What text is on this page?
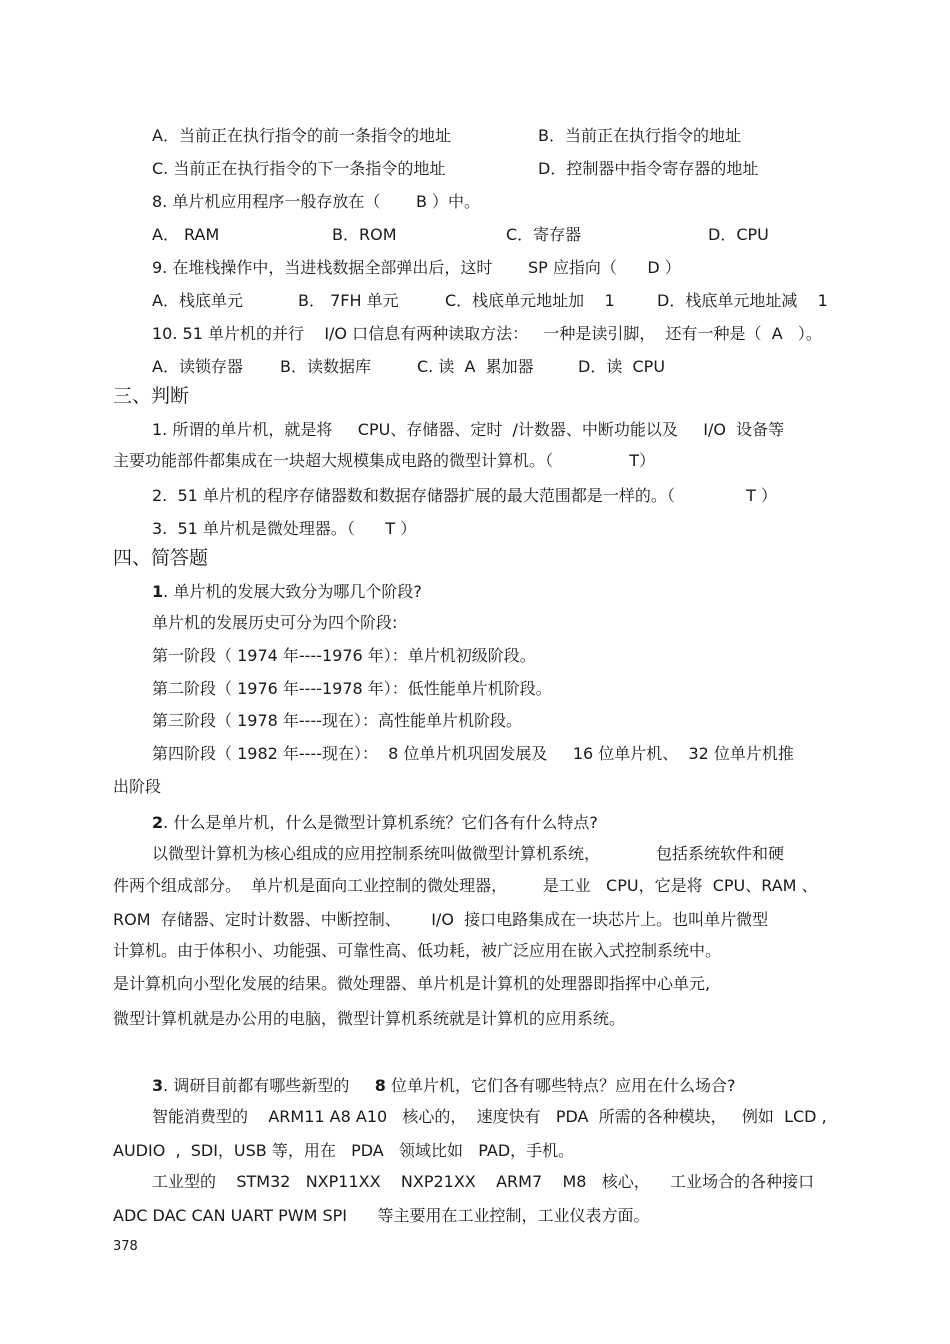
A．当前正在执行指令的前一条指令的地址	B．当前正在执行指令的地址
C. 当前正在执行指令的下一条指令的地址	D．控制器中指令寄存器的地址
8. 单片机应用程序一般存放在（       B ）中。
A． RAM	B．ROM	C．寄存器	D．CPU
9. 在堆栈操作中，当进栈数据全部弹出后，这时       SP 应指向（      D ）
A．栈底单元	B． 7FH 单元	C．栈底单元地址加    1	D．栈底单元地址减    1
10. 51 单片机的并行    I/O 口信息有两种读取方法：   一种是读引脚，  还有一种是（  A   ）。
A．读锁存器 B．读数据库	C. 读  A  累加器	D．读  CPU
三、判断
1. 所谓的单片机，就是将     CPU、存储器、定时  /计数器、中断功能以及     I/O  设备等
主要功能部件都集成在一块超大规模集成电路的微型计算机。（               T）
2.  51 单片机的程序存储器数和数据存储器扩展的最大范围都是一样的。（              T ）
3.  51 单片机是微处理器。（      T ）
四、简答题
1. 单片机的发展大致分为哪几个阶段?
单片机的发展历史可分为四个阶段:
第一阶段（ 1974 年----1976 年）：单片机初级阶段。
第二阶段（ 1976 年----1978 年）：低性能单片机阶段。
第三阶段（ 1978 年----现在）：高性能单片机阶段。
第四阶段（ 1982 年----现在）：  8 位单片机巩固发展及     16 位单片机、  32 位单片机推
出阶段
2. 什么是单片机，什么是微型计算机系统？它们各有什么特点?
以微型计算机为核心组成的应用控制系统叫做微型计算机系统，           包括系统软件和硬
件两个组成部分。  单片机是面向工业控制的微处理器，       是工业   CPU，它是将  CPU、RAM 、
ROM  存储器、定时计数器、中断控制、      I/O  接口电路集成在一块芯片上。也叫单片微型
计算机。由于体积小、功能强、可靠性高、低功耗，被广泛应用在嵌入式控制系统中。
是计算机向小型化发展的结果。微处理器、单片机是计算机的处理器即指挥中心单元,
微型计算机就是办公用的电脑，微型计算机系统就是计算机的应用系统。
3. 调研目前都有哪些新型的     8 位单片机，它们各有哪些特点？应用在什么场合?
智能消费型的    ARM11 A8 A10   核心的，  速度快有   PDA  所需的各种模块，   例如  LCD ,
AUDIO  ,  SDI，USB 等，用在   PDA   领域比如   PAD，手机。
工业型的    STM32   NXP11XX    NXP21XX    ARM7    M8   核心，    工业场合的各种接口
ADC DAC CAN UART PWM SPI      等主要用在工业控制，工业仪表方面。
378
